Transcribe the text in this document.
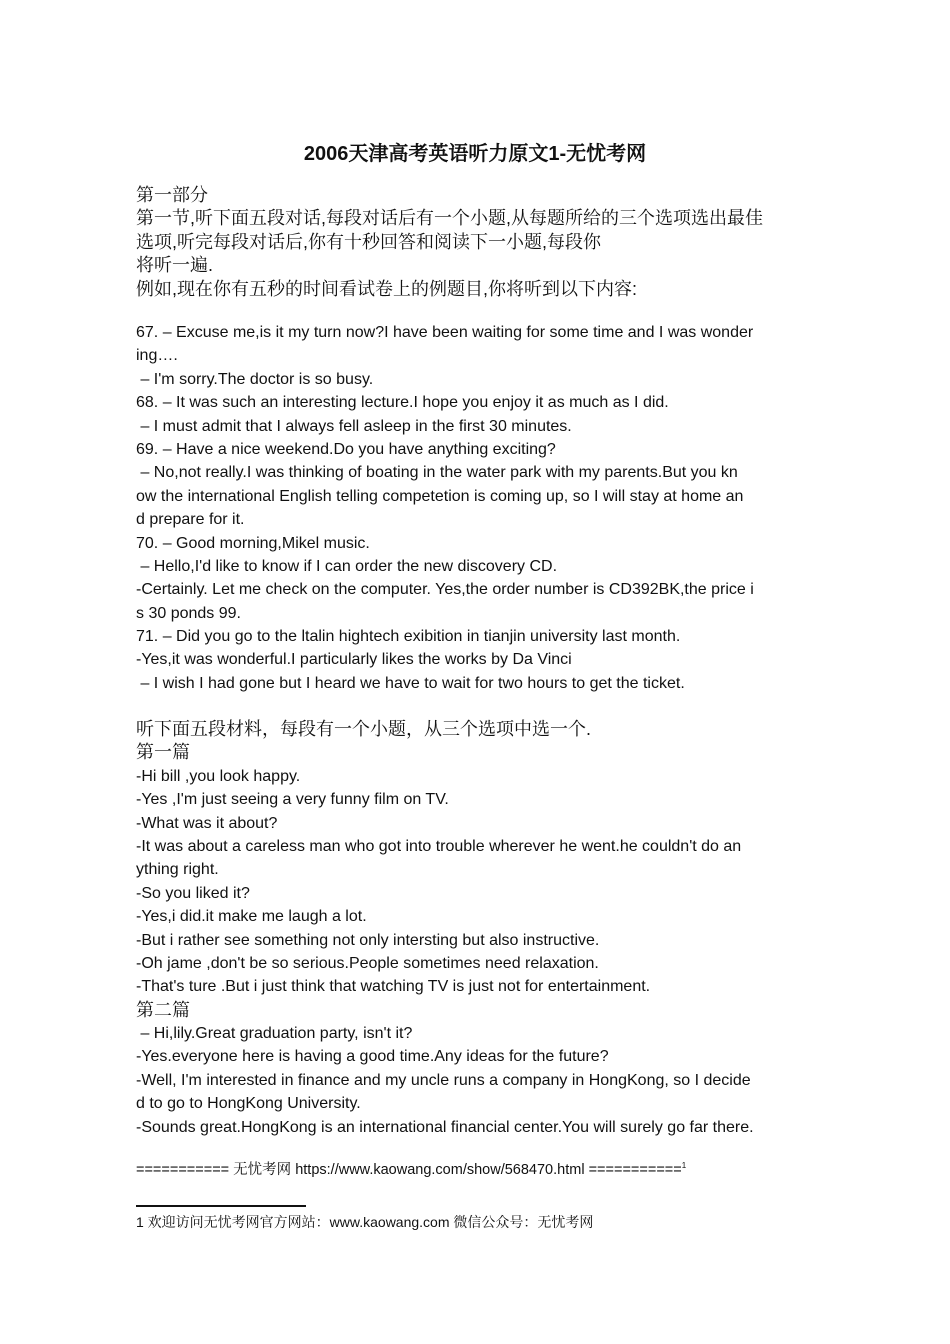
2006天津高考英语听力原文1-无忧考网
第一部分
第一节,听下面五段对话,每段对话后有一个小题,从每题所给的三个选项选出最佳
选项,听完每段对话后,你有十秒回答和阅读下一小题,每段你
将听一遍.
例如,现在你有五秒的时间看试卷上的例题目,你将听到以下内容:
67. – Excuse me,is it my turn now?I have been waiting for some time and I was wonder
ing….
– I'm sorry.The doctor is so busy.
68. – It was such an interesting lecture.I hope you enjoy it as much as I did.
– I must admit that I always fell asleep in the first 30 minutes.
69. – Have a nice weekend.Do you have anything exciting?
– No,not really.I was thinking of boating in the water park with my parents.But you kn
ow the international English telling competetion is coming up, so I will stay at home an
d prepare for it.
70. – Good morning,Mikel music.
– Hello,I'd like to know if I can order the new discovery CD.
-Certainly. Let me check on the computer. Yes,the order number is CD392BK,the price i
s 30 ponds 99.
71. – Did you go to the ltalin hightech exibition in tianjin university last month.
-Yes,it was wonderful.I particularly likes the works by Da Vinci
– I wish I had gone but I heard we have to wait for two hours to get the ticket.
听下面五段材料，每段有一个小题，从三个选项中选一个.
第一篇
-Hi bill ,you look happy.
-Yes ,I'm just seeing a very funny film on TV.
-What was it about?
-It was about a careless man who got into trouble wherever he went.he couldn't do an
ything right.
-So you liked it?
-Yes,i did.it make me laugh a lot.
-But i rather see something not only intersting but also instructive.
-Oh jame ,don't be so serious.People sometimes need relaxation.
-That's ture .But i just think that watching TV is just not for entertainment.
第二篇
– Hi,lily.Great graduation party, isn't it?
-Yes.everyone here is having a good time.Any ideas for the future?
-Well, I'm interested in finance and my uncle runs a company in HongKong, so I decide
d to go to HongKong University.
-Sounds great.HongKong is an international financial center.You will surely go far there.
=========== 无忧考网 https://www.kaowang.com/show/568470.html ===========$^1$
1 欢迎访问无忧考网官方网站：www.kaowang.com 微信公众号：无忧考网
